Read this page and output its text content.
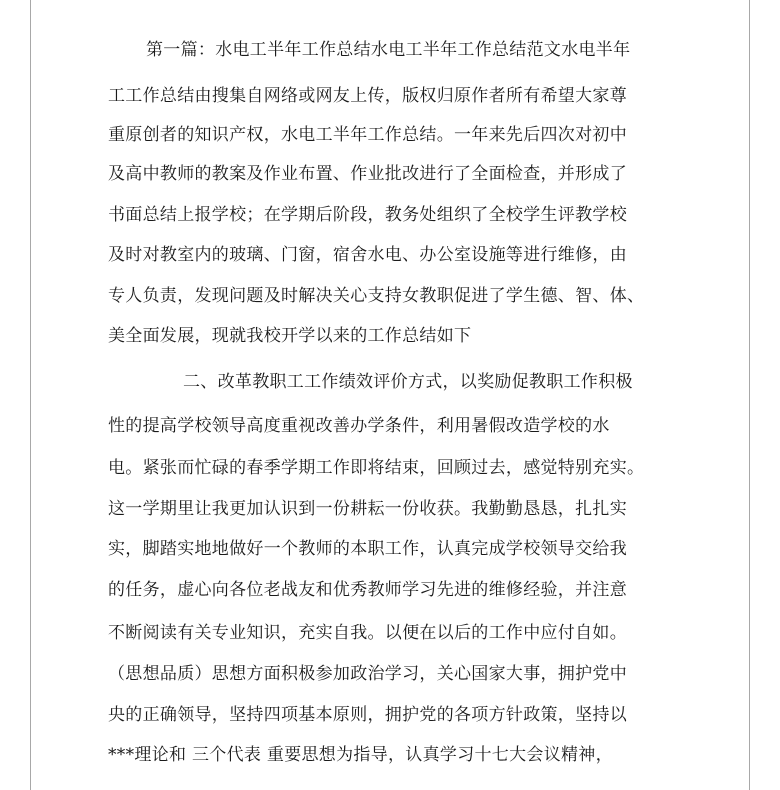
第一篇：水电工半年工作总结水电工半年工作总结范文水电半年
工工作总结由搜集自网络或网友上传，版权归原作者所有希望大家尊
重原创者的知识产权，水电工半年工作总结。一年来先后四次对初中
及高中教师的教案及作业布置、作业批改进行了全面检查，并形成了
书面总结上报学校；在学期后阶段，教务处组织了全校学生评教学校
及时对教室内的玻璃、门窗，宿舍水电、办公室设施等进行维修，由
专人负责，发现问题及时解决关心支持女教职促进了学生德、智、体、
美全面发展，现就我校开学以来的工作总结如下
二、改革教职工工作绩效评价方式，以奖励促教职工作积极
性的提高学校领导高度重视改善办学条件，利用暑假改造学校的水
电。紧张而忙碌的春季学期工作即将结束，回顾过去，感觉特别充实。
这一学期里让我更加认识到一份耕耘一份收获。我勤勤恳恳，扎扎实
实，脚踏实地地做好一个教师的本职工作，认真完成学校领导交给我
的任务，虚心向各位老战友和优秀教师学习先进的维修经验，并注意
不断阅读有关专业知识，充实自我。以便在以后的工作中应付自如。
（思想品质）思想方面积极参加政治学习，关心国家大事，拥护党中
央的正确领导，坚持四项基本原则，拥护党的各项方针政策，坚持以
***理论和 三个代表 重要思想为指导，认真学习十七大会议精神，
